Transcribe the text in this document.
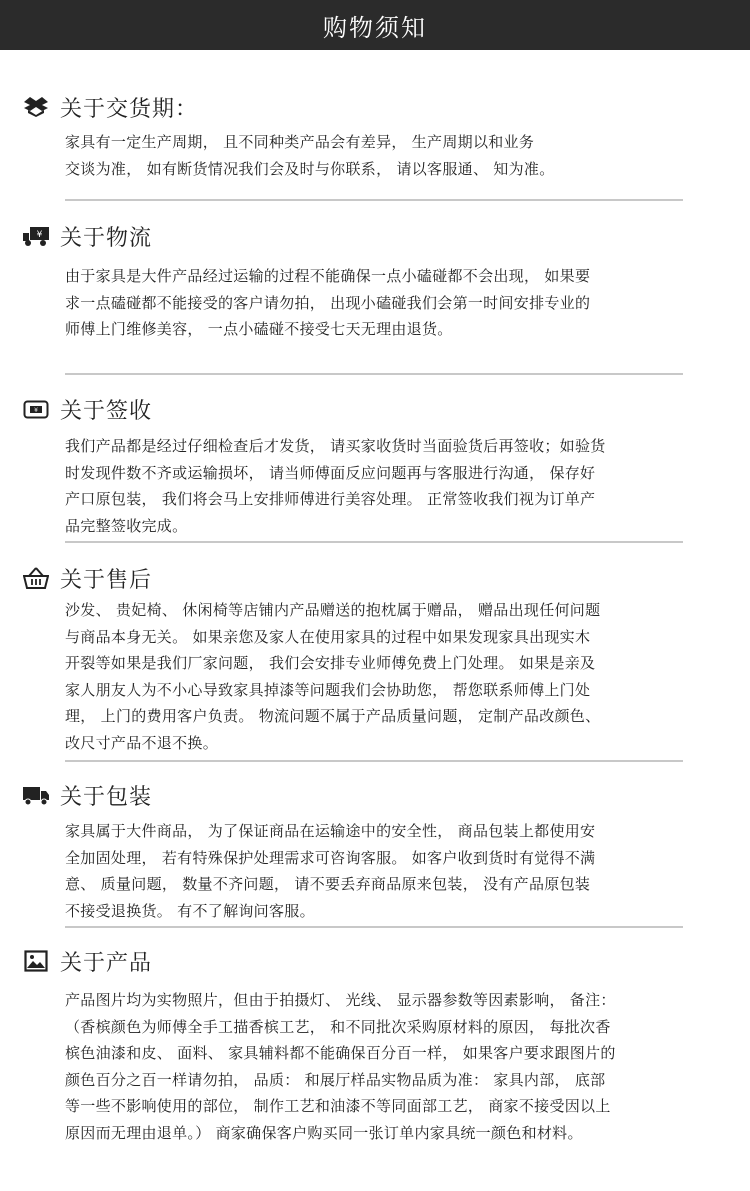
购物须知
关于交货期：
家具有一定生产周期， 且不同种类产品会有差异， 生产周期以和业务
交谈为准， 如有断货情况我们会及时与你联系， 请以客服通、 知为准。
¥ 关于物流
由于家具是大件产品经过运输的过程不能确保一点小磕碰都不会出现， 如果要
求一点磕碰都不能接受的客户请勿拍， 出现小磕碰我们会第一时间安排专业的
师傅上门维修美容， 一点小磕碰不接受七天无理由退货。
¥ 关于签收
我们产品都是经过仔细检查后才发货， 请买家收货时当面验货后再签收；如验货
时发现件数不齐或运输损坏， 请当师傅面反应问题再与客服进行沟通， 保存好
产口原包装， 我们将会马上安排师傅进行美容处理。 正常签收我们视为订单产
品完整签收完成。
关于售后
沙发、 贵妃椅、 休闲椅等店铺内产品赠送的抱枕属于赠品， 赠品出现任何问题
与商品本身无关。 如果亲您及家人在使用家具的过程中如果发现家具出现实木
开裂等如果是我们厂家问题， 我们会安排专业师傅免费上门处理。 如果是亲及
家人朋友人为不小心导致家具掉漆等问题我们会协助您， 帮您联系师傅上门处
理， 上门的费用客户负责。 物流问题不属于产品质量问题， 定制产品改颜色、
改尺寸产品不退不换。
关于包装
家具属于大件商品， 为了保证商品在运输途中的安全性， 商品包装上都使用安
全加固处理， 若有特殊保护处理需求可咨询客服。 如客户收到货时有觉得不满
意、 质量问题， 数量不齐问题， 请不要丢弃商品原来包装， 没有产品原包装
不接受退换货。 有不了解询问客服。
关于产品
产品图片均为实物照片，但由于拍摄灯、 光线、 显示器参数等因素影响， 备注：
（香槟颜色为师傅全手工描香槟工艺， 和不同批次采购原材料的原因， 每批次香
槟色油漆和皮、 面料、 家具辅料都不能确保百分百一样， 如果客户要求跟图片的
颜色百分之百一样请勿拍， 品质： 和展厅样品实物品质为准： 家具内部， 底部
等一些不影响使用的部位， 制作工艺和油漆不等同面部工艺， 商家不接受因以上
原因而无理由退单。） 商家确保客户购买同一张订单内家具统一颜色和材料。
